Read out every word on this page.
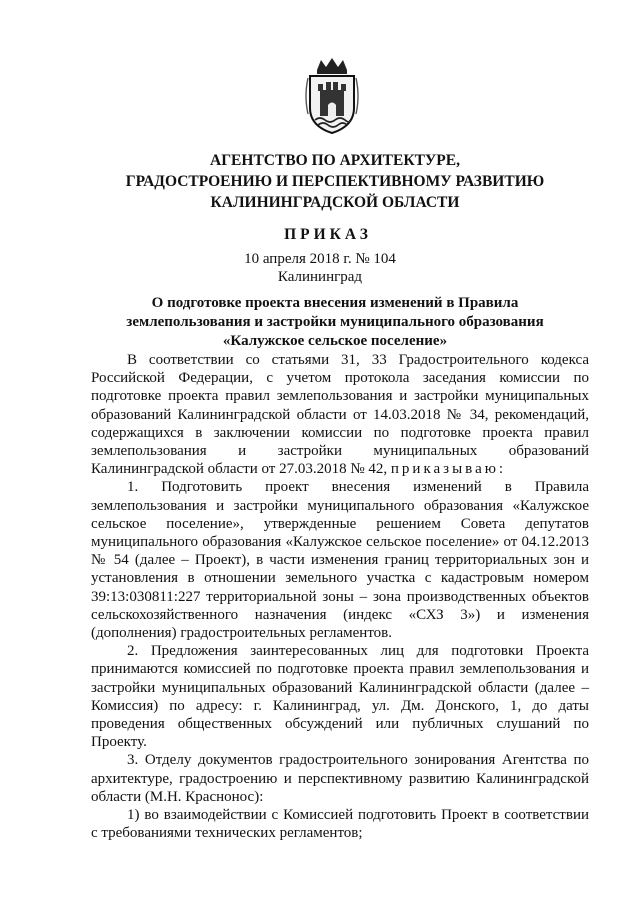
АГЕНТСТВО ПО АРХИТЕКТУРЕ,
ГРАДОСТРОЕНИЮ И ПЕРСПЕКТИВНОМУ РАЗВИТИЮ
КАЛИНИНГРАДСКОЙ ОБЛАСТИ
ПРИКАЗ
10 апреля 2018 г. № 104
Калининград
О подготовке проекта внесения изменений в Правила
землепользования и застройки муниципального образования
«Калужское сельское поселение»

В соответствии со статьями 31, 33 Градостроительного кодекса Российской Федерации, с учетом протокола заседания комиссии по подготовке проекта правил землепользования и застройки муниципальных образований Калининградской области от 14.03.2018 № 34, рекомендаций, содержащихся в заключении комиссии по подготовке проекта правил землепользования и застройки муниципальных образований Калининградской области от 27.03.2018 № 42, приказываю:

1. Подготовить проект внесения изменений в Правила землепользования и застройки муниципального образования «Калужское сельское поселение», утвержденные решением Совета депутатов муниципального образования «Калужское сельское поселение» от 04.12.2013 № 54 (далее – Проект), в части изменения границ территориальных зон и установления в отношении земельного участка с кадастровым номером 39:13:030811:227 территориальной зоны – зона производственных объектов сельскохозяйственного назначения (индекс «СХЗ 3») и изменения (дополнения) градостроительных регламентов.

2. Предложения заинтересованных лиц для подготовки Проекта принимаются комиссией по подготовке проекта правил землепользования и застройки муниципальных образований Калининградской области (далее – Комиссия) по адресу: г. Калининград, ул. Дм. Донского, 1, до даты проведения общественных обсуждений или публичных слушаний по Проекту.

3. Отделу документов градостроительного зонирования Агентства по архитектуре, градостроению и перспективному развитию Калининградской области (М.Н. Краснонос):

1) во взаимодействии с Комиссией подготовить Проект в соответствии с требованиями технических регламентов;
